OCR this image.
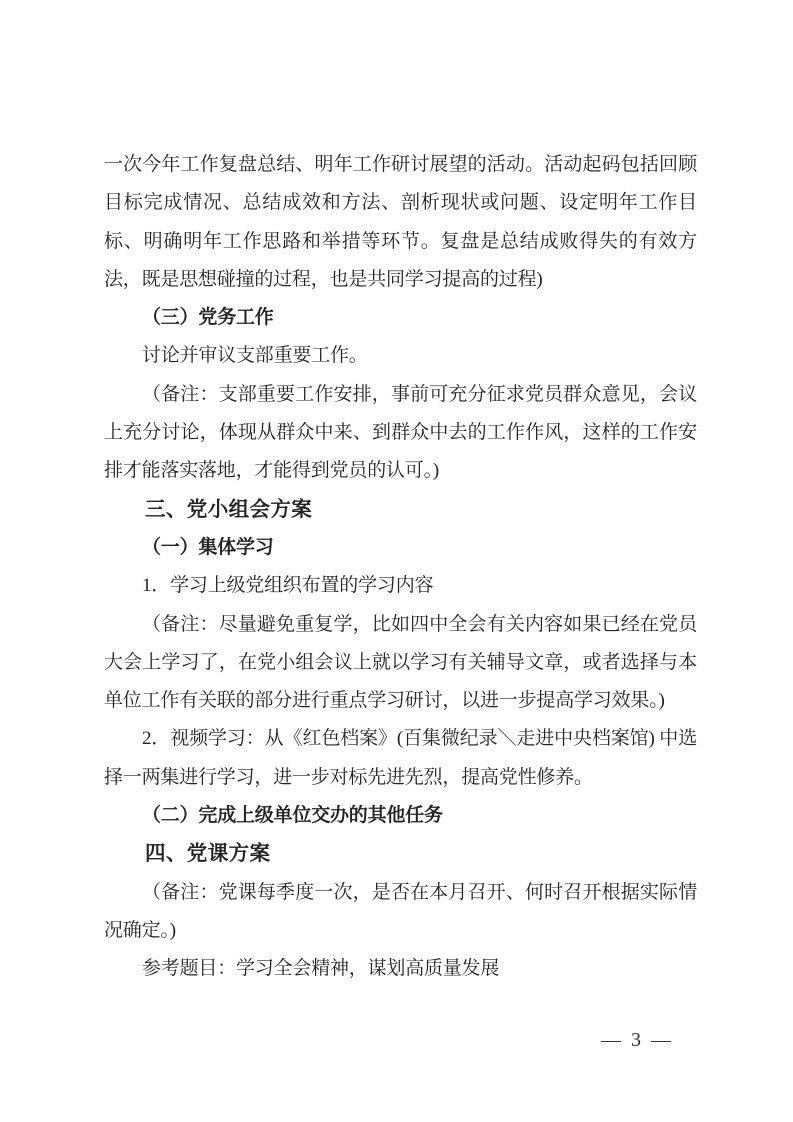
一次今年工作复盘总结、明年工作研讨展望的活动。活动起码包括回顾目标完成情况、总结成效和方法、剖析现状或问题、设定明年工作目标、明确明年工作思路和举措等环节。复盘是总结成败得失的有效方法，既是思想碰撞的过程，也是共同学习提高的过程)

（三）党务工作

讨论并审议支部重要工作。

（备注：支部重要工作安排，事前可充分征求党员群众意见，会议上充分讨论，体现从群众中来、到群众中去的工作作风，这样的工作安排才能落实落地，才能得到党员的认可。)

三、党小组会方案

（一）集体学习

1．学习上级党组织布置的学习内容

（备注：尽量避免重复学，比如四中全会有关内容如果已经在党员大会上学习了，在党小组会议上就以学习有关辅导文章，或者选择与本单位工作有关联的部分进行重点学习研讨，以进一步提高学习效果。)

2．视频学习：从《红色档案》(百集微纪录＼走进中央档案馆) 中选择一两集进行学习，进一步对标先进先烈，提高党性修养。

（二）完成上级单位交办的其他任务

四、党课方案

（备注：党课每季度一次，是否在本月召开、何时召开根据实际情况确定。)

参考题目：学习全会精神，谋划高质量发展

— 3 —
